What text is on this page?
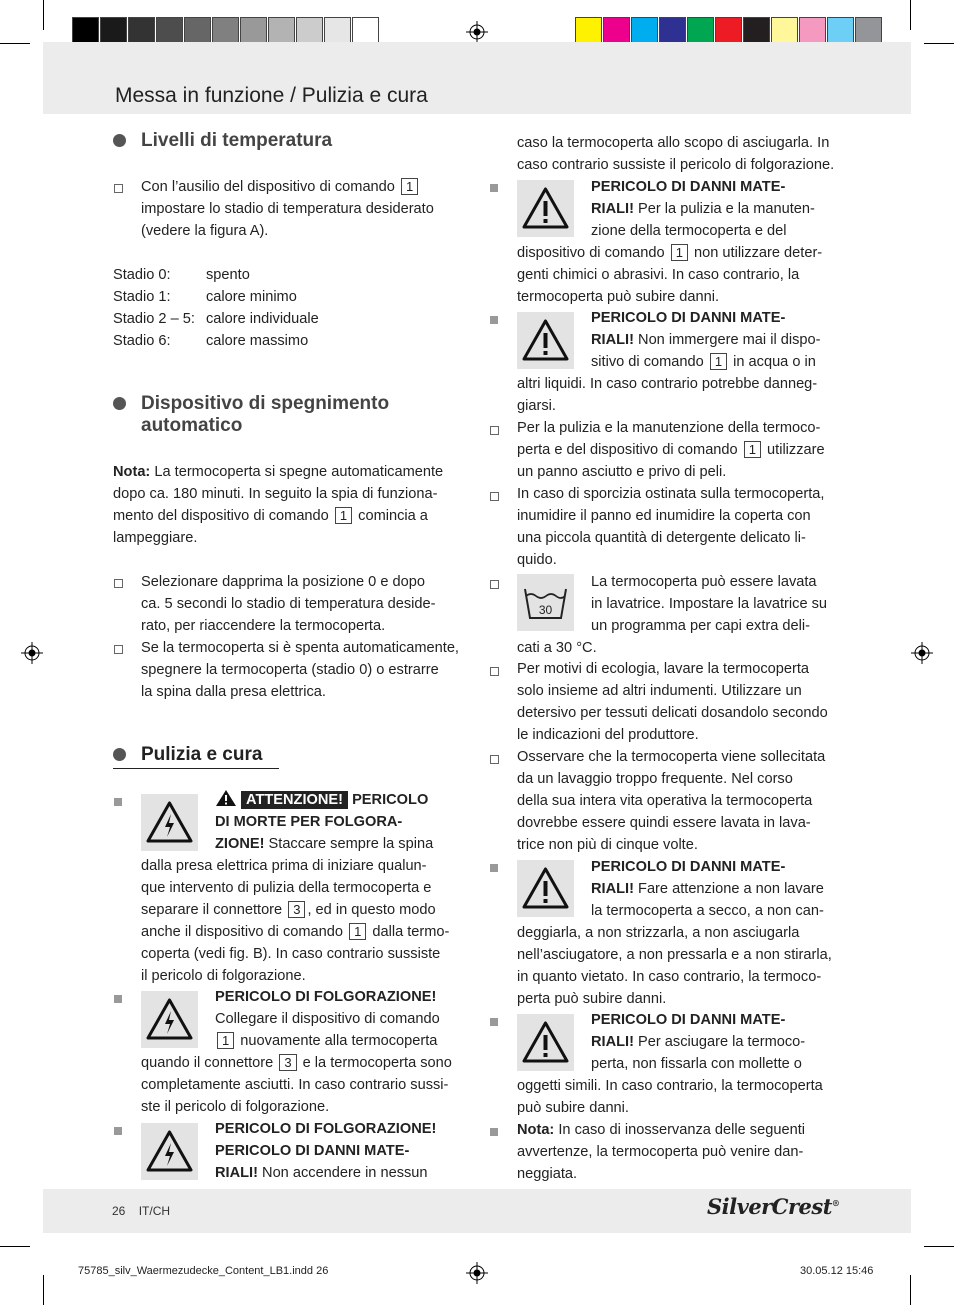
Messa in funzione / Pulizia e cura
Livelli di temperatura
Con l’ausilio del dispositivo di comando 1
impostare lo stadio di temperatura desiderato
(vedere la figura A).
Stadio 0: spento
Stadio 1: calore minimo
Stadio 2 – 5: calore individuale
Stadio 6: calore massimo
Dispositivo di spegnimento
automatico
Nota: La termocoperta si spegne automaticamente
dopo ca. 180 minuti. In seguito la spia di funziona-
mento del dispositivo di comando 1 comincia a
lampeggiare.
Selezionare dapprima la posizione 0 e dopo
ca. 5 secondi lo stadio di temperatura deside-
rato, per riaccendere la termocoperta.
Se la termocoperta si è spenta automaticamente,
spegnere la termocoperta (stadio 0) o estrarre
la spina dalla presa elettrica.
Pulizia e cura
ATTENZIONE! PERICOLO
DI MORTE PER FOLGORA-
ZIONE! Staccare sempre la spina
dalla presa elettrica prima di iniziare qualun-
que intervento di pulizia della termocoperta e
separare il connettore 3 , ed in questo modo
anche il dispositivo di comando 1 dalla termo-
coperta (vedi fig. B). In caso contrario sussiste
il pericolo di folgorazione.
PERICOLO DI FOLGORAZIONE!
Collegare il dispositivo di comando
1 nuovamente alla termocoperta
quando il connettore 3 e la termocoperta sono
completamente asciutti. In caso contrario sussi-
ste il pericolo di folgorazione.
PERICOLO DI FOLGORAZIONE!
PERICOLO DI DANNI MATE-
RIALI! Non accendere in nessun
caso la termocoperta allo scopo di asciugarla. In
caso contrario sussiste il pericolo di folgorazione.
PERICOLO DI DANNI MATE-
RIALI! Per la pulizia e la manuten-
zione della termocoperta e del
dispositivo di comando 1 non utilizzare deter-
genti chimici o abrasivi. In caso contrario, la
termocoperta può subire danni.
PERICOLO DI DANNI MATE-
RIALI! Non immergere mai il dispo-
sitivo di comando 1 in acqua o in
altri liquidi. In caso contrario potrebbe danneg-
giarsi.
Per la pulizia e la manutenzione della termoco-
perta e del dispositivo di comando 1 utilizzare
un panno asciutto e privo di peli.
In caso di sporcizia ostinata sulla termocoperta,
inumidire il panno ed inumidire la coperta con
una piccola quantità di detergente delicato li-
quido.
30
La termocoperta può essere lavata
in lavatrice. Impostare la lavatrice su
un programma per capi extra deli-
cati a 30 °C.
Per motivi di ecologia, lavare la termocoperta
solo insieme ad altri indumenti. Utilizzare un
detersivo per tessuti delicati dosandolo secondo
le indicazioni del produttore.
Osservare che la termocoperta viene sollecitata
da un lavaggio troppo frequente. Nel corso
della sua intera vita operativa la termocoperta
dovrebbe essere quindi essere lavata in lava-
trice non più di cinque volte.
PERICOLO DI DANNI MATE-
RIALI! Fare attenzione a non lavare
la termocoperta a secco, a non can-
deggiarla, a non strizzarla, a non asciugarla
nell’asciugatore, a non pressarla e a non stirarla,
in quanto vietato. In caso contrario, la termoco-
perta può subire danni.
PERICOLO DI DANNI MATE-
RIALI! Per asciugare la termoco-
perta, non fissarla con mollette o
oggetti simili. In caso contrario, la termocoperta
può subire danni.
Nota: In caso di inosservanza delle seguenti
avvertenze, la termocoperta può venire dan-
neggiata.
26 IT/CH	SilverCrest®
75785_silv_Waermezudecke_Content_LB1.indd 26	30.05.12 15:46
